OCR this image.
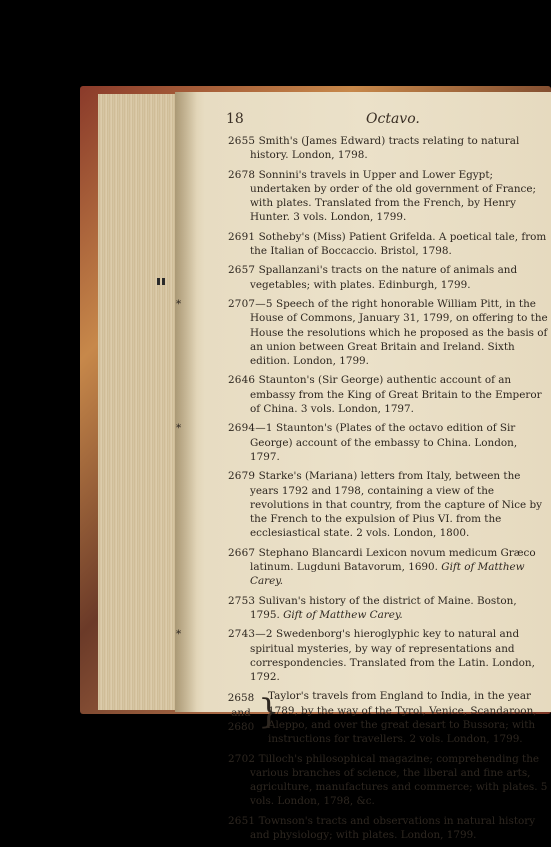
18	Octavo.
2655 Smith's (James Edward) tracts relating to natural history. London, 1798.
2678 Sonnini's travels in Upper and Lower Egypt; undertaken by order of the old government of France; with plates. Translated from the French, by Henry Hunter. 3 vols. London, 1799.
2691 Sotheby's (Miss) Patient Grifelda. A poetical tale, from the Italian of Boccaccio. Bristol, 1798.
2657 Spallanzani's tracts on the nature of animals and vegetables; with plates. Edinburgh, 1799.
2707—5 Speech of the right honorable William Pitt, in the House of Commons, January 31, 1799, on offering to the House the resolutions which he proposed as the basis of an union between Great Britain and Ireland. Sixth edition. London, 1799.
2646 Staunton's (Sir George) authentic account of an embassy from the King of Great Britain to the Emperor of China. 3 vols. London, 1797.
2694—1 Staunton's (Plates of the octavo edition of Sir George) account of the embassy to China. London, 1797.
2679 Starke's (Mariana) letters from Italy, between the years 1792 and 1798, containing a view of the revolutions in that country, from the capture of Nice by the French to the expulsion of Pius VI. from the ecclesiastical state. 2 vols. London, 1800.
2667 Stephano Blancardi Lexicon novum medicum Græco latinum. Lugduni Batavorum, 1690. Gift of Matthew Carey.
2753 Sulivan's history of the district of Maine. Boston, 1795. Gift of Matthew Carey.
2743—2 Swedenborg's hieroglyphic key to natural and spiritual mysteries, by way of representations and correspondencies. Translated from the Latin. London, 1792.
2658
and
2680 }
Taylor's travels from England to India, in the year 1789, by the way of the Tyrol, Venice, Scandaroon, Aleppo, and over the great desart to Bussora; with instructions for travellers. 2 vols. London, 1799.
2702 Tilloch's philosophical magazine; comprehending the various branches of science, the liberal and fine arts, agriculture, manufactures and commerce; with plates. 5 vols. London, 1798, &c.
2651 Townson's tracts and observations in natural history and physiology; with plates. London, 1799.
